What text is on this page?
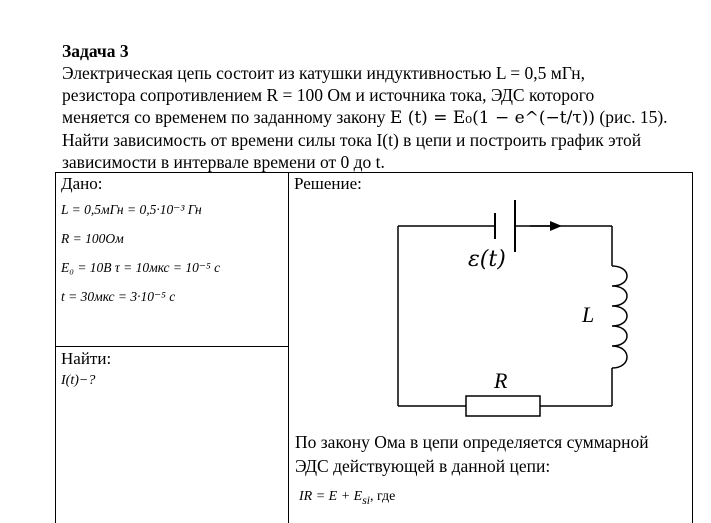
Задача 3

Электрическая цепь состоит из катушки индуктивностью L = 0,5 мГн,

резистора сопротивлением R = 100 Ом и источника тока, ЭДС которого

меняется со временем по заданному закону E (t) = E₀(1 − e^(−t/τ)) (рис. 15).

Найти зависимость от времени силы тока I(t) в цепи и построить график этой

зависимости в интервале времени от 0 до t.

Дано:
L = 0,5мГн = 0,5·10⁻³ Гн
R = 100Ом
E₀ = 10В τ = 10мкс = 10⁻⁵ с
t = 30мкс = 3·10⁻⁵ с
Найти:
I(t)−?
Решение:
По закону Ома в цепи определяется суммарной
ЭДС действующей в данной цепи:
IR = $E + E_{si}$, где
ε(t)
L
R
